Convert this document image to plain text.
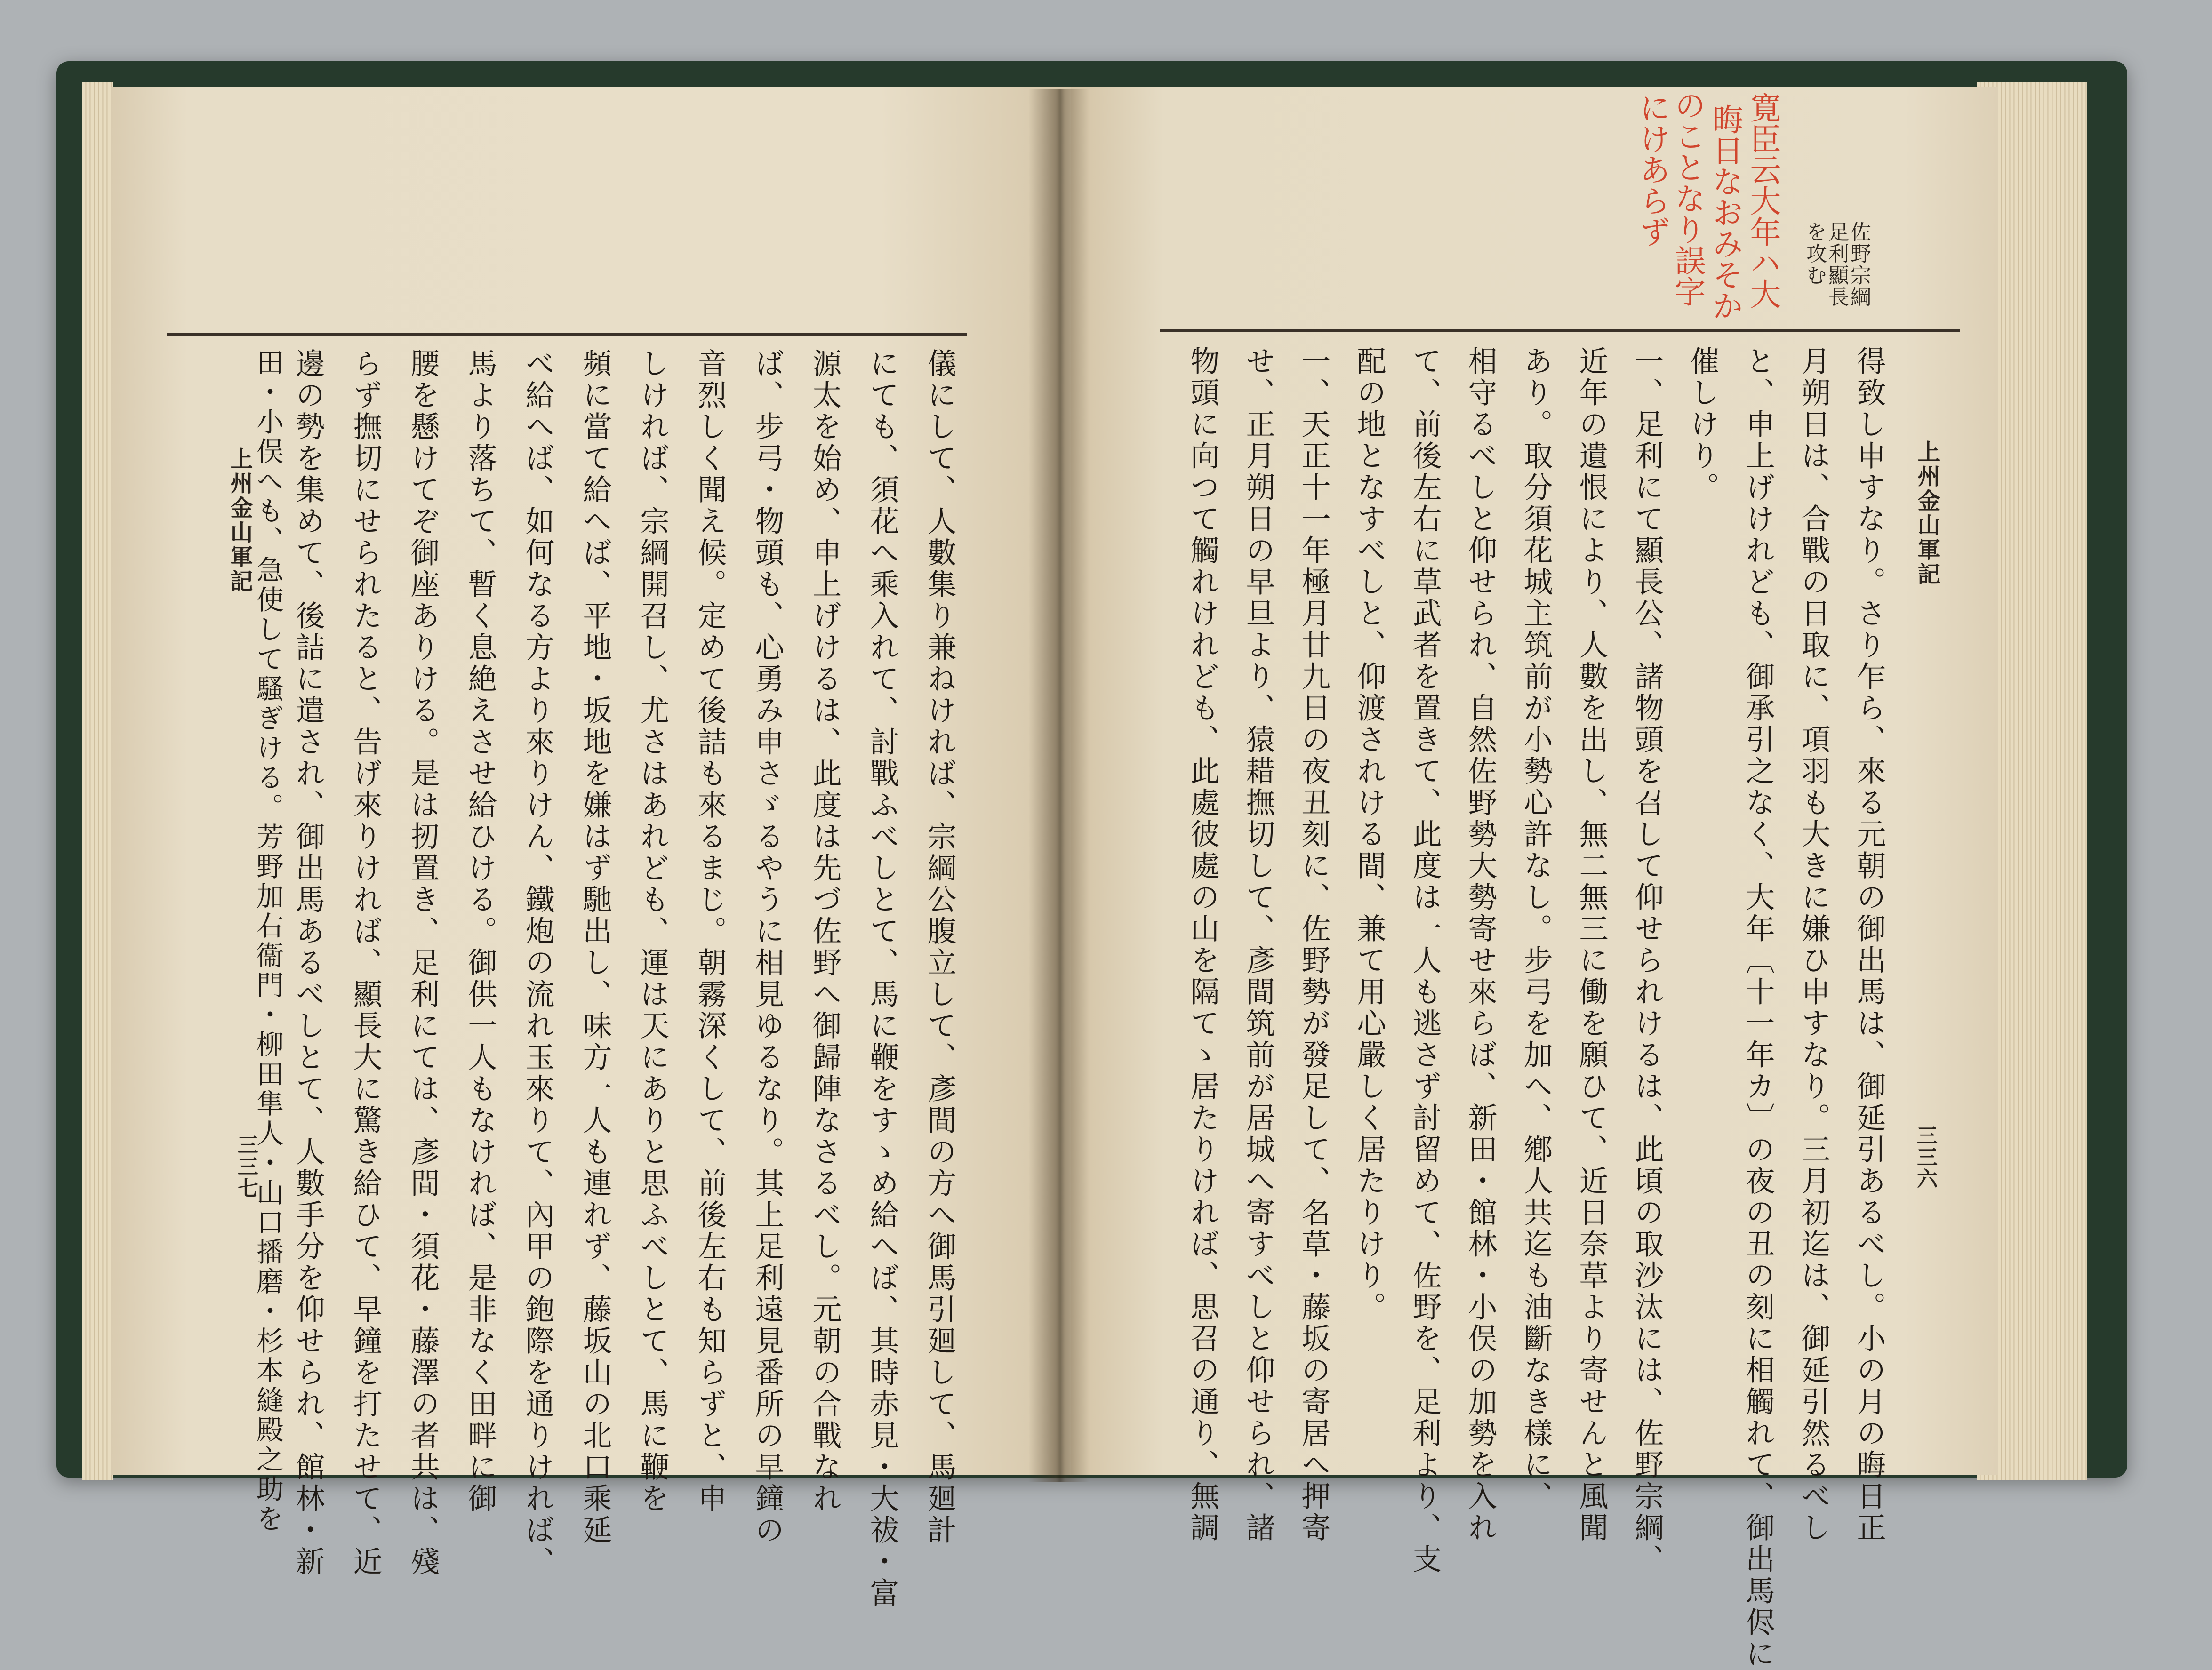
上州金山軍記
三三七
上州金山軍記
三三六
佐野宗綱
足利顯長
を攻む
寛臣云大年ハ大
晦日なおみそか
のことなり誤字
にけあらず
儀にして、人數集り兼ねければ、宗綱公腹立して、彥間の方へ御馬引廻して、馬廻計
にても、須花へ乘入れて、討戰ふべしとて、馬に鞭をすゝめ給へば、其時赤見・大祓・富
源太を始め、申上げけるは、此度は先づ佐野へ御歸陣なさるべし。元朝の合戰なれ
ば、步弓・物頭も、心勇み申さゞるやうに相見ゆるなり。其上足利遠見番所の早鐘の
音烈しく聞え候。定めて後詰も來るまじ。朝霧深くして、前後左右も知らずと、申
しければ、宗綱開召し、尤さはあれども、運は天にありと思ふべしとて、馬に鞭を
頻に當て給へば、平地・坂地を嫌はず馳出し、味方一人も連れず、藤坂山の北口乘延
べ給へば、如何なる方より來りけん、鐵炮の流れ玉來りて、內甲の鉋際を通りければ、
馬より落ちて、暫く息絶えさせ給ひける。御供一人もなければ、是非なく田畔に御
腰を懸けてぞ御座ありける。是は扨置き、足利にては、彥間・須花・藤澤の者共は、殘
らず撫切にせられたると、告げ來りければ、顯長大に驚き給ひて、早鐘を打たせて、近
邊の勢を集めて、後詰に遣され、御出馬あるべしとて、人數手分を仰せられ、館林・新
田・小俣へも、急使して騷ぎける。芳野加右衞門・柳田隼人・山口播磨・杉本縫殿之助を	得致し申すなり。さり乍ら、來る元朝の御出馬は、御延引あるべし。小の月の晦日正
月朔日は、合戰の日取に、項羽も大きに嫌ひ申すなり。三月初迄は、御延引然るべし
と、申上げけれども、御承引之なく、大年〔十一年カ〕の夜の丑の刻に相觸れて、御出馬侭に
催しけり。
一、足利にて顯長公、諸物頭を召して仰せられけるは、此頃の取沙汰には、佐野宗綱、
近年の遺恨により、人數を出し、無二無三に働を願ひて、近日奈草より寄せんと風聞
あり。取分須花城主筑前が小勢心許なし。步弓を加へ、鄕人共迄も油斷なき樣に、
相守るべしと仰せられ、自然佐野勢大勢寄せ來らば、新田・館林・小俣の加勢を入れ
て、前後左右に草武者を置きて、此度は一人も逃さず討留めて、佐野を、足利より、支
配の地となすべしと、仰渡されける間、兼て用心嚴しく居たりけり。
一、天正十一年極月廿九日の夜丑刻に、佐野勢が發足して、名草・藤坂の寄居へ押寄
せ、正月朔日の早旦より、猿耤撫切して、彥間筑前が居城へ寄すべしと仰せられ、諸
物頭に向つて觸れけれども、此處彼處の山を隔てゝ居たりければ、思召の通り、無調
